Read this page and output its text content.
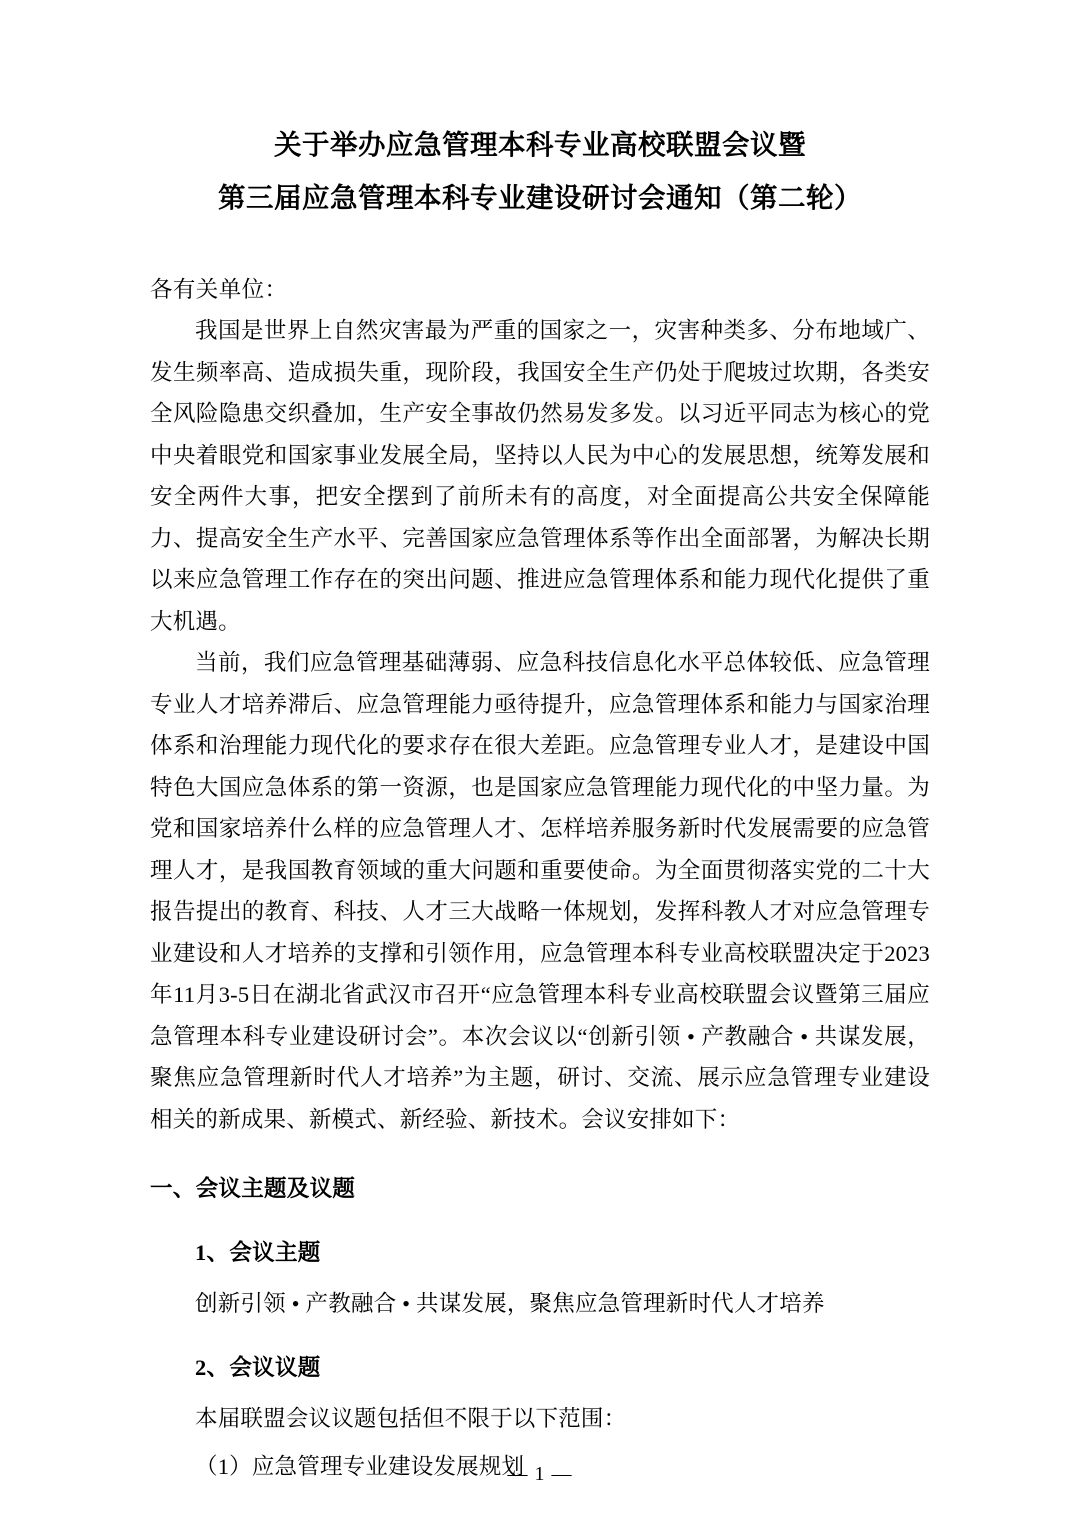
关于举办应急管理本科专业高校联盟会议暨
第三届应急管理本科专业建设研讨会通知（第二轮）
各有关单位：

我国是世界上自然灾害最为严重的国家之一，灾害种类多、分布地域广、发生频率高、造成损失重，现阶段，我国安全生产仍处于爬坡过坎期，各类安全风险隐患交织叠加，生产安全事故仍然易发多发。以习近平同志为核心的党中央着眼党和国家事业发展全局，坚持以人民为中心的发展思想，统筹发展和安全两件大事，把安全摆到了前所未有的高度，对全面提高公共安全保障能力、提高安全生产水平、完善国家应急管理体系等作出全面部署，为解决长期以来应急管理工作存在的突出问题、推进应急管理体系和能力现代化提供了重大机遇。

当前，我们应急管理基础薄弱、应急科技信息化水平总体较低、应急管理专业人才培养滞后、应急管理能力亟待提升，应急管理体系和能力与国家治理体系和治理能力现代化的要求存在很大差距。应急管理专业人才，是建设中国特色大国应急体系的第一资源，也是国家应急管理能力现代化的中坚力量。为党和国家培养什么样的应急管理人才、怎样培养服务新时代发展需要的应急管理人才，是我国教育领域的重大问题和重要使命。为全面贯彻落实党的二十大报告提出的教育、科技、人才三大战略一体规划，发挥科教人才对应急管理专业建设和人才培养的支撑和引领作用，应急管理本科专业高校联盟决定于2023年11月3-5日在湖北省武汉市召开“应急管理本科专业高校联盟会议暨第三届应急管理本科专业建设研讨会”。本次会议以“创新引领 • 产教融合 • 共谋发展，聚焦应急管理新时代人才培养”为主题，研讨、交流、展示应急管理专业建设相关的新成果、新模式、新经验、新技术。会议安排如下：

一、会议主题及议题
1、会议主题
创新引领 • 产教融合 • 共谋发展，聚焦应急管理新时代人才培养
2、会议议题
本届联盟会议议题包括但不限于以下范围：
（1）应急管理专业建设发展规划
— 1 —
